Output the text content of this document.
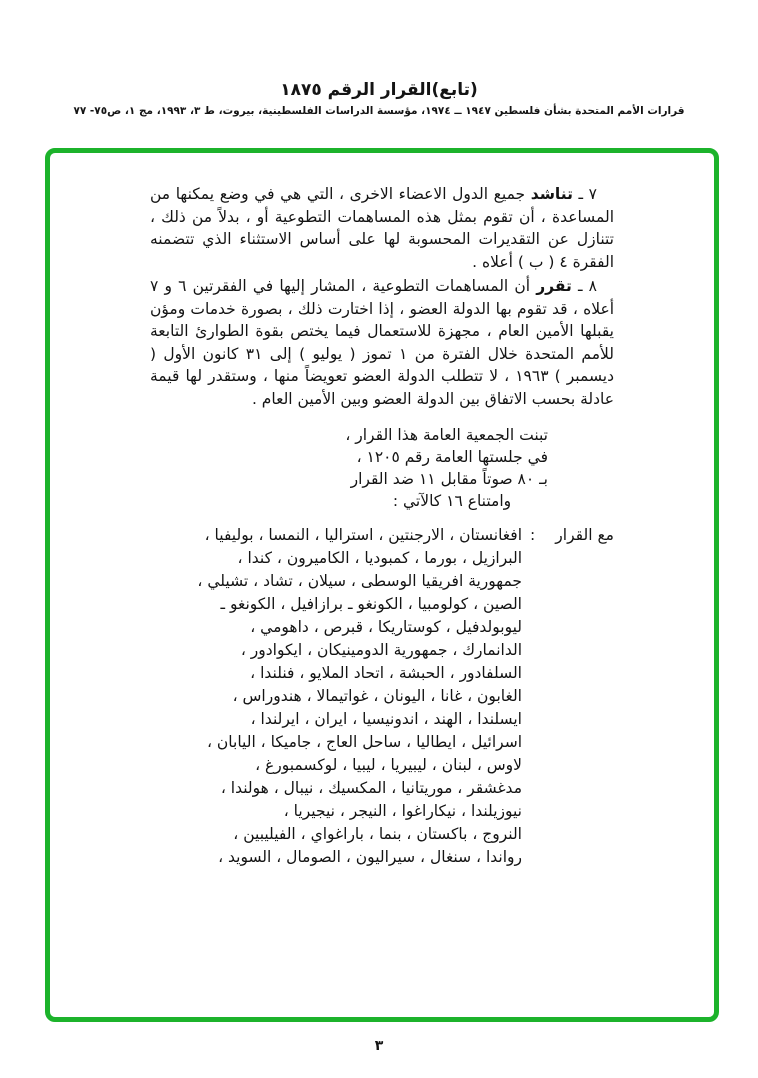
(تابع)القرار الرقم ١٨٧٥
قرارات الأمم المتحدة بشأن فلسطين ١٩٤٧ ــ ١٩٧٤، مؤسسة الدراسات الفلسطينية، بيروت، ط ٣، ١٩٩٣، مج ١، ص٧٥- ٧٧

٧ ـ تناشد جميع الدول الاعضاء الاخرى ، التي هي في وضع يمكنها من المساعدة ، أن تقوم بمثل هذه المساهمات التطوعية أو ، بدلاً من ذلك ، تتنازل عن التقديرات المحسوبة لها على أساس الاستثناء الذي تتضمنه الفقرة ٤ ( ب ) أعلاه .

٨ ـ تقرر أن المساهمات التطوعية ، المشار إليها في الفقرتين ٦ و ٧ أعلاه ، قد تقوم بها الدولة العضو ، إذا اختارت ذلك ، بصورة خدمات ومؤن يقبلها الأمين العام ، مجهزة للاستعمال فيما يختص بقوة الطوارئ التابعة للأمم المتحدة خلال الفترة من ١ تموز ( يوليو ) إلى ٣١ كانون الأول ( ديسمبر ) ١٩٦٣ ، لا تتطلب الدولة العضو تعويضاً منها ، وستقدر لها قيمة عادلة بحسب الاتفاق بين الدولة العضو وبين الأمين العام .

تبنت الجمعية العامة هذا القرار ،
في جلستها العامة رقم ١٢٠٥ ،
بـ ٨٠ صوتاً مقابل ١١ ضد القرار
وامتناع ١٦ كالآتي :
مع القرار
:
افغانستان ، الارجنتين ، استراليا ، النمسا ، بوليفيا ،
البرازيل ، بورما ، كمبوديا ، الكاميرون ، كندا ،
جمهورية افريقيا الوسطى ، سيلان ، تشاد ، تشيلي ،
الصين ، كولومبيا ، الكونغو ـ برازافيل ، الكونغو ـ
ليوبولدفيل ، كوستاريكا ، قبرص ، داهومي ،
الدانمارك ، جمهورية الدومينيكان ، ايكوادور ،
السلفادور ، الحبشة ، اتحاد الملايو ، فنلندا ،
الغابون ، غانا ، اليونان ، غواتيمالا ، هندوراس ،
ايسلندا ، الهند ، اندونيسيا ، ايران ، ايرلندا ،
اسرائيل ، ايطاليا ، ساحل العاج ، جاميكا ، اليابان ،
لاوس ، لبنان ، ليبيريا ، ليبيا ، لوكسمبورغ ،
مدغشقر ، موريتانيا ، المكسيك ، نيبال ، هولندا ،
نيوزيلندا ، نيكاراغوا ، النيجر ، نيجيريا ،
النروج ، باكستان ، بنما ، باراغواي ، الفيليبين ،
رواندا ، سنغال ، سيراليون ، الصومال ، السويد ،
٣
